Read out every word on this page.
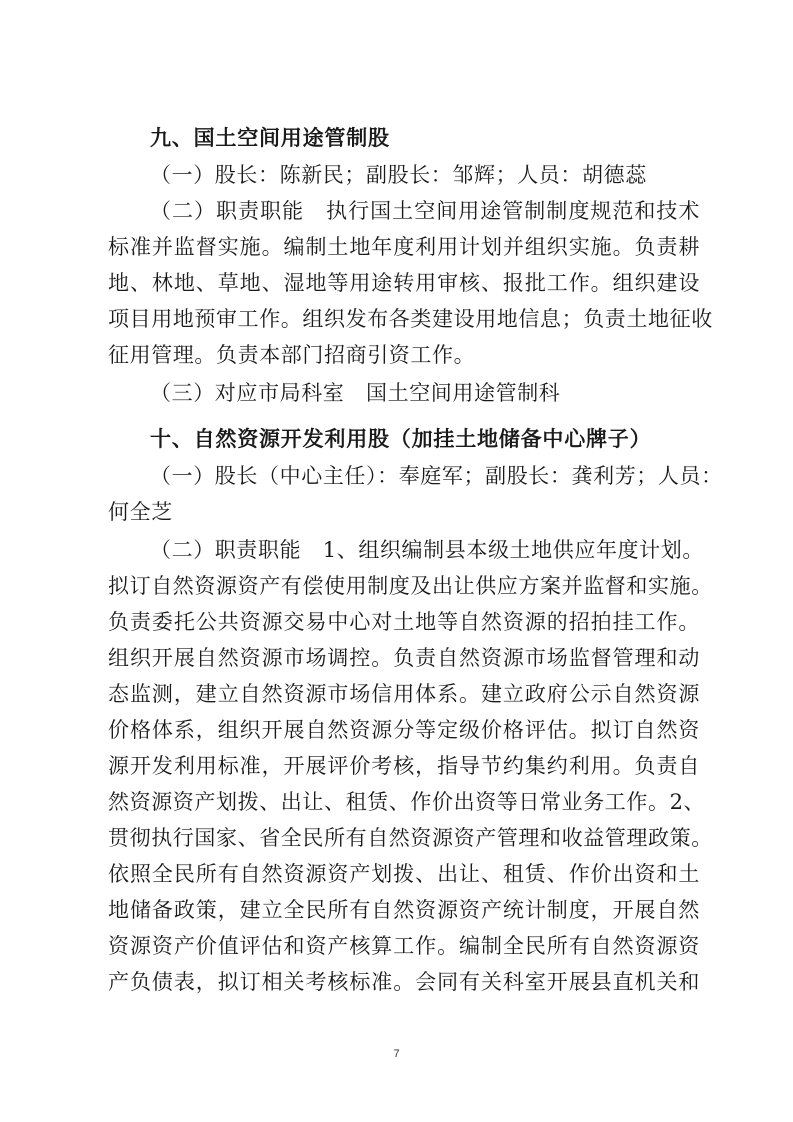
九、国土空间用途管制股
（一）股长：陈新民；副股长：邹辉；人员：胡德蕊
（二）职责职能　执行国土空间用途管制制度规范和技术
标准并监督实施。编制土地年度利用计划并组织实施。负责耕
地、林地、草地、湿地等用途转用审核、报批工作。组织建设
项目用地预审工作。组织发布各类建设用地信息；负责土地征收
征用管理。负责本部门招商引资工作。
（三）对应市局科室　国土空间用途管制科
十、自然资源开发利用股（加挂土地储备中心牌子）
（一）股长（中心主任）：奉庭军；副股长：龚利芳；人员：
何全芝
（二）职责职能　1、组织编制县本级土地供应年度计划。
拟订自然资源资产有偿使用制度及出让供应方案并监督和实施。
负责委托公共资源交易中心对土地等自然资源的招拍挂工作。
组织开展自然资源市场调控。负责自然资源市场监督管理和动
态监测，建立自然资源市场信用体系。建立政府公示自然资源
价格体系，组织开展自然资源分等定级价格评估。拟订自然资
源开发利用标准，开展评价考核，指导节约集约利用。负责自
然资源资产划拨、出让、租赁、作价出资等日常业务工作。2、
贯彻执行国家、省全民所有自然资源资产管理和收益管理政策。
依照全民所有自然资源资产划拨、出让、租赁、作价出资和土
地储备政策，建立全民所有自然资源资产统计制度，开展自然
资源资产价值评估和资产核算工作。编制全民所有自然资源资
产负债表，拟订相关考核标准。会同有关科室开展县直机关和
7
